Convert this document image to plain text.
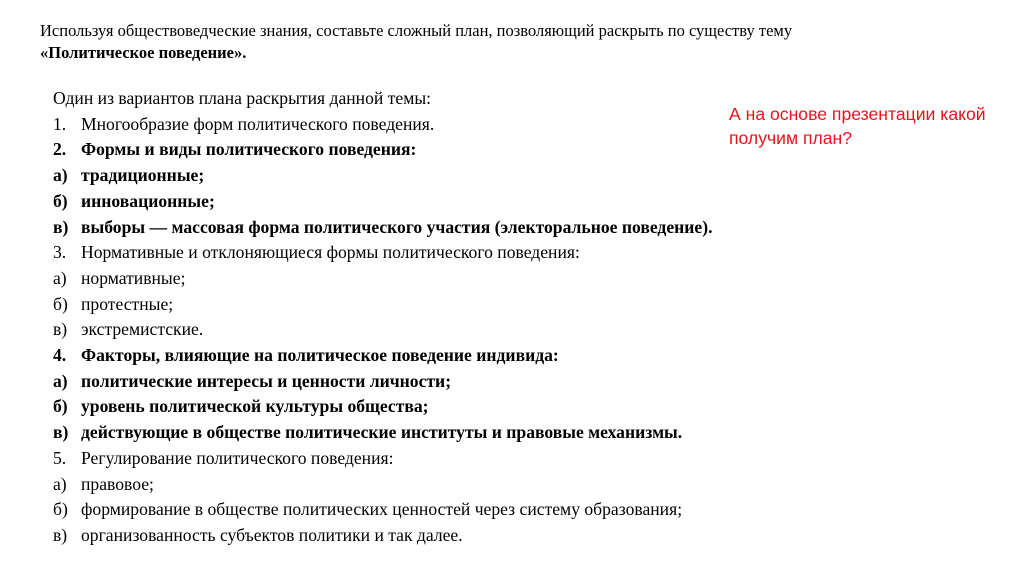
Используя обществоведческие знания, составьте сложный план, позволяющий раскрыть по существу тему
«Политическое поведение».
Один из вариантов плана раскрытия данной темы:
1. Многообразие форм политического поведения.
2. Формы и виды политического поведения:
а) традиционные;
б) инновационные;
в) выборы — массовая форма политического участия (электоральное поведение).
3. Нормативные и отклоняющиеся формы политического поведения:
а) нормативные;
б) протестные;
в) экстремистские.
4. Факторы, влияющие на политическое поведение индивида:
а) политические интересы и ценности личности;
б) уровень политической культуры общества;
в) действующие в обществе политические институты и правовые механизмы.
5. Регулирование политического поведения:
а) правовое;
б) формирование в обществе политических ценностей через систему образования;
в) организованность субъектов политики и так далее.
А на основе презентации какой получим план?
